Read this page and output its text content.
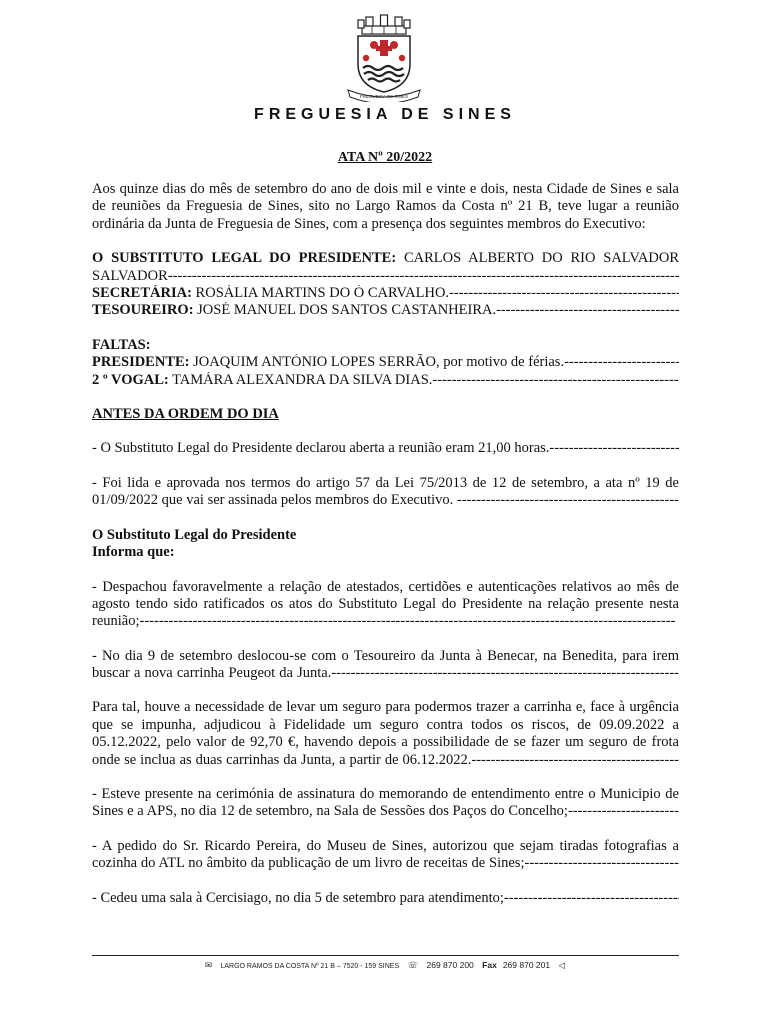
FREGUESIA DE SINES
FREGUESIA DE SINES
ATA Nº 20/2022

Aos quinze dias do mês de setembro do ano de dois mil e vinte e dois, nesta Cidade de Sines e sala de reuniões da Freguesia de Sines, sito no Largo Ramos da Costa nº 21 B, teve lugar a reunião ordinária da Junta de Freguesia de Sines, com a presença dos seguintes membros do Executivo:

O SUBSTITUTO LEGAL DO PRESIDENTE: CARLOS ALBERTO DO RIO SALVADOR

SALVADOR -----
SECRETÁRIA: ROSÁLIA MARTINS DO Ó CARVALHO. -----
TESOUREIRO: JOSÉ MANUEL DOS SANTOS CASTANHEIRA. -----
FALTAS:
PRESIDENTE: JOAQUIM ANTÓNIO LOPES SERRÃO, por motivo de férias. -----
2 º VOGAL: TAMÁRA ALEXANDRA DA SILVA DIAS. -----

ANTES DA ORDEM DO DIA

- O Substituto Legal do Presidente declarou aberta a reunião eram 21,00 horas. -----

- Foi lida e aprovada nos termos do artigo 57 da Lei 75/2013 de 12 de setembro, a ata nº 19 de 01/09/2022 que vai ser assinada pelos membros do Executivo. -----

O Substituto Legal do Presidente
Informa que:

- Despachou favoravelmente a relação de atestados, certidões e autenticações relativos ao mês de agosto tendo sido ratificados os atos do Substituto Legal do Presidente na relação presente nesta reunião; -----

- No dia 9 de setembro deslocou-se com o Tesoureiro da Junta à Benecar, na Benedita, para irem buscar a nova carrinha Peugeot da Junta. -----

Para tal, houve a necessidade de levar um seguro para podermos trazer a carrinha e, face à urgência que se impunha, adjudicou à Fidelidade um seguro contra todos os riscos, de 09.09.2022 a 05.12.2022, pelo valor de 92,70 €, havendo depois a possibilidade de se fazer um seguro de frota onde se inclua as duas carrinhas da Junta, a partir de 06.12.2022. -----

- Esteve presente na cerimónia de assinatura do memorando de entendimento entre o Municipio de Sines e a APS, no dia 12 de setembro, na Sala de Sessões dos Paços do Concelho; -----

- A pedido do Sr. Ricardo Pereira, do Museu de Sines, autorizou que sejam tiradas fotografias a cozinha do ATL no âmbito da publicação de um livro de receitas de Sines; -----

- Cedeu uma sala à Cercisiago, no dia 5 de setembro para atendimento; -----
✉ LARGO RAMOS DA COSTA Nº 21 B – 7520 - 159 SINES ☏ 269 870 200 Fax 269 870 201 ◁
